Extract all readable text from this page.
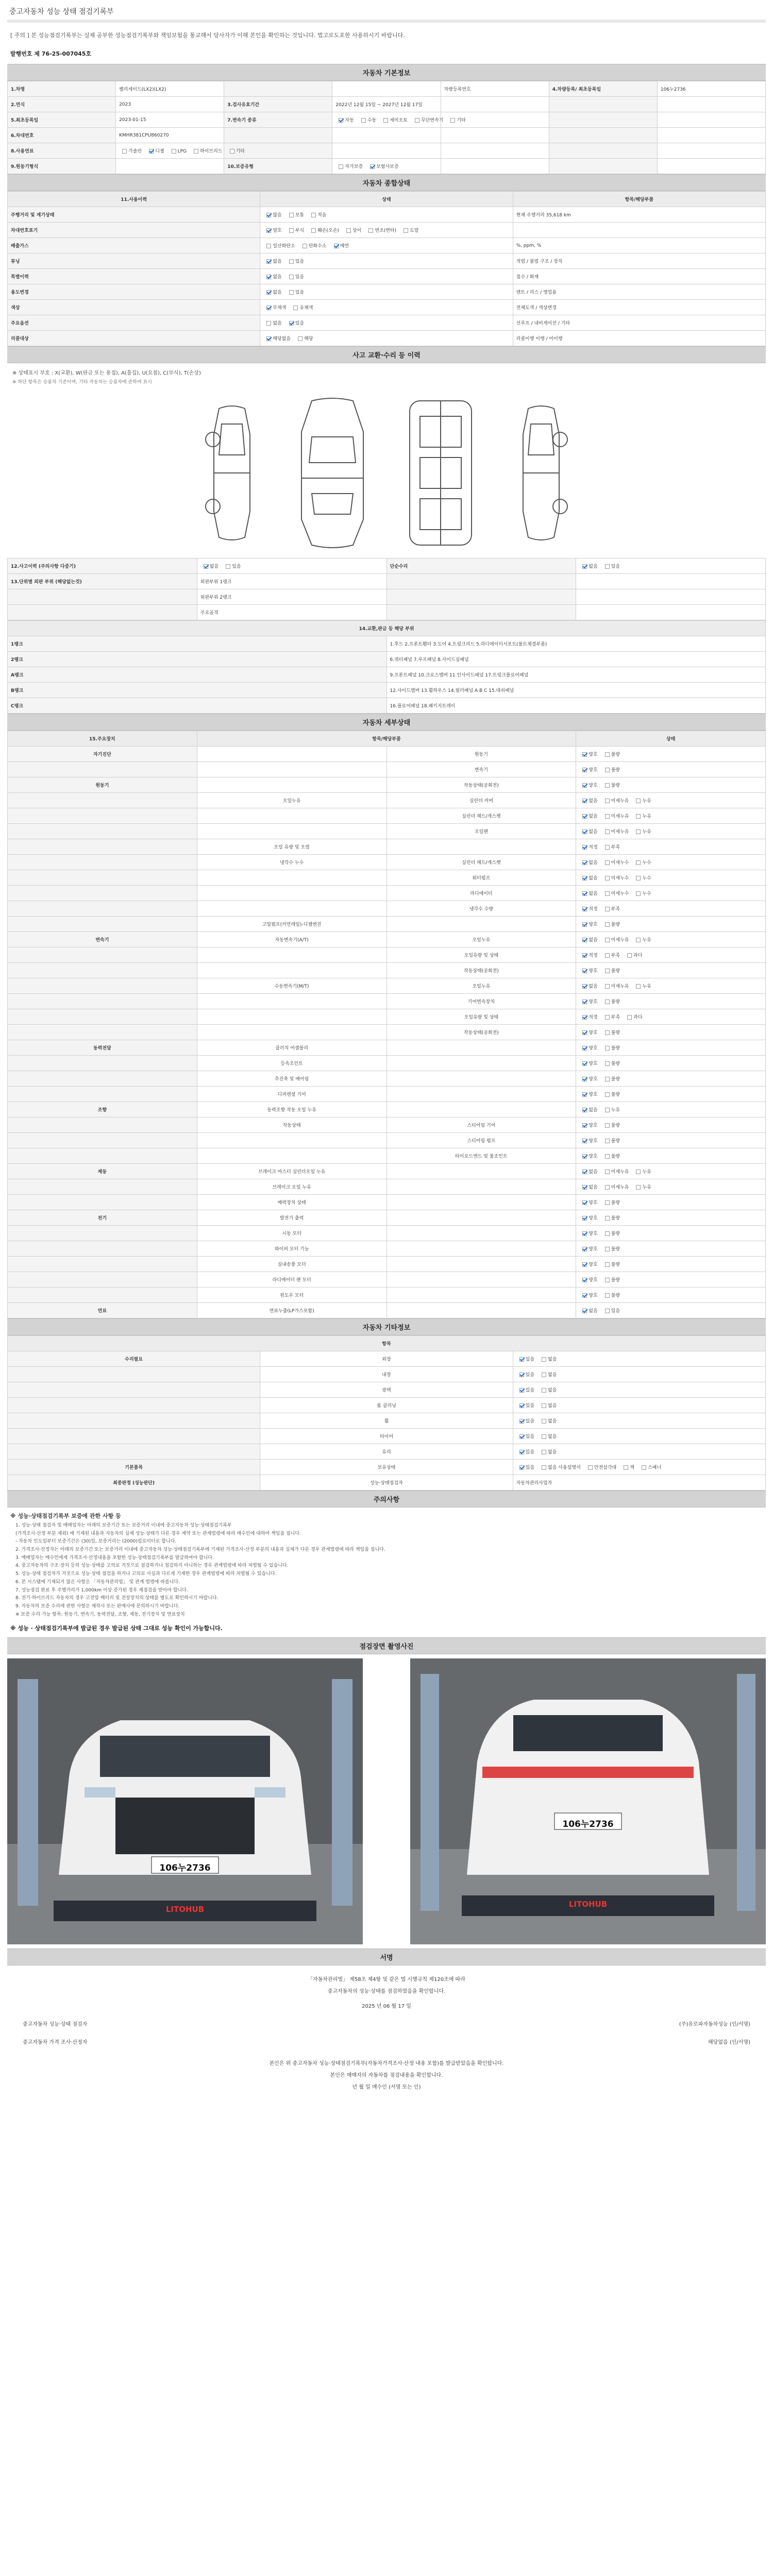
중고자동차 성능 상태 점검기록부
[ 주의 ] 본 성능점검기록부는 실제 공부한 성능점검기록부와 책임보험을 통교해서 당사자가 이해 본인을 확인하는 것입니다. 법고로도포한 사용하시기 바랍니다.
발행번호 제 76-25-007045호
자동차 기본정보
1.차명	팰리세이드(LX2)(LX2)			차량등록번호	4.차량등록/ 최초등록일	106누2736
2.연식	2023	3.검사유효기간	2022년 12월 15일 ~ 2027년 12월 17일			
5.최초등록일	2023-01-15	7.변속기 종류	자동 수동 세미오토 무단변속기 기타			
6.차대번호	KMHR381CPU860270					
8.사용연료	가솔린 디젤 LPG 하이브리드 기타					
9.원동기형식		10.보증유형	자가보증 보험사보증			
자동차 종합상태
11.사용이력	상태	항목/해당부품
주행거리 및 계기상태	많음 보통 적음	현재 주행거리 35,618 km
차대번호표기	양호 부식 훼손(오손) 상이 변조(변타) 도말	
배출가스	일산화탄소 탄화수소 매연	%, ppm, %
튜닝	없음 있음	적법 / 불법 구조 / 장치
특별이력	없음 있음	침수 / 화재
용도변경	없음 있음	렌트 / 리스 / 영업용
색상	무채색 유채색	전체도색 / 색상변경
주요옵션	없음 있음	선루프 / 내비게이션 / 기타
리콜대상	해당없음 해당	리콜이행 이행 / 미이행
사고 교환·수리 등 이력
※ 상태표시 부호 : X(교환), W(판금 또는 용접), A(흠집), U(요철), C(부식), T(손상)
※ 하단 항목은 승용차 기준이며, 기타 자동차는 승용차에 준하여 표시
12.사고이력 (주의사항 다중기)	없음 있음	단순수리	없음 있음
13.단위별 외판 부위 (해당없는것)	외판부위 1랭크		
	외판부위 2랭크		
	주요골격		
14.교환,판금 등 해당 부위	
1랭크	1.후드 2.프론트휀더 3.도어 4.트렁크리드 5.라디에이터서포트(볼트체결부품)
2랭크	6.쿼터패널 7.루프패널 8.사이드실패널
A랭크	9.프론트패널 10.크로스멤버 11.인사이드패널 17.트렁크플로어패널
B랭크	12.사이드멤버 13.휠하우스 14.필러패널 A B C 15.대쉬패널
C랭크	16.플로어패널 18.패키지트레이
자동차 세부상태
15.주요장치	항목/해당부품		상태
자기진단		원동기	양호 불량
		변속기	양호 불량
원동기		작동상태(공회전)	양호 불량
	오일누유	실린더 커버	없음 미세누유 누유
		실린더 헤드/개스켓	없음 미세누유 누유
		오일팬	없음 미세누유 누유
	오일 유량 및 오염		적정 부족
	냉각수 누수	실린더 헤드/개스켓	없음 미세누수 누수
		워터펌프	없음 미세누수 누수
		라디에이터	없음 미세누수 누수
		냉각수 수량	적정 부족
	고압펌프(커먼레일)-디젤엔진		양호 불량
변속기	자동변속기(A/T)	오일누유	없음 미세누유 누유
		오일유량 및 상태	적정 부족 과다
		작동상태(공회전)	양호 불량
	수동변속기(M/T)	오일누유	없음 미세누유 누유
		기어변속장치	양호 불량
		오일유량 및 상태	적정 부족 과다
		작동상태(공회전)	양호 불량
동력전달	클러치 어셈블리		양호 불량
	등속조인트		양호 불량
	추진축 및 베어링		양호 불량
	디퍼렌셜 기어		양호 불량
조향	동력조향 작동 오일 누유		없음 누유
	작동상태	스티어링 기어	양호 불량
		스티어링 펌프	양호 불량
		타이로드엔드 및 볼조인트	양호 불량
제동	브레이크 마스터 실린더오일 누유		없음 미세누유 누유
	브레이크 오일 누유		없음 미세누유 누유
	배력장치 상태		양호 불량
전기	발전기 출력		양호 불량
	시동 모터		양호 불량
	와이퍼 모터 기능		양호 불량
	실내송풍 모터		양호 불량
	라디에이터 팬 모터		양호 불량
	윈도우 모터		양호 불량
연료	연료누출(LP가스포함)		없음 있음
자동차 기타정보
항목		
수리필요	외장	있음 없음
	내장	있음 없음
	광택	있음 없음
	룸 클리닝	있음 없음
	휠	있음 없음
	타이어	있음 없음
	유리	있음 없음
기본품목	보유상태	있음 없음 사용설명서 안전삼각대 잭 스패너
최종판정 (성능판단)	성능·상태점검자	자동차관리사업자
주의사항
※ 성능·상태점검기록부 보증에 관한 사항 등
1. 성능·상태 점검자 및 매매업자는 아래의 보증기간 또는 보증거리 이내에 중고자동차 성능·상태점검기록부
(가격조사·산정 부분 제외) 에 기재된 내용과 자동차의 실제 성능·상태가 다른 경우 계약 또는 관계법령에 따라 매수인에 대하여 책임을 집니다.
- 자동차 인도일부터 보증기간은 (30)일, 보증거리는 (2000)킬로미터로 합니다.
2. 가격조사·산정자는 아래의 보증기간 또는 보증거리 이내에 중고자동차 성능·상태점검기록부에 기재된 가격조사·산정 부분의 내용과 실제가 다른 경우 관계법령에 따라 책임을 집니다.
3. 매매업자는 매수인에게 가격조사·산정내용을 포함한 성능·상태점검기록부를 발급하여야 합니다.
4. 중고자동차의 구조·장치 등의 성능·상태를 고의로 거짓으로 점검하거나 점검하지 아니하는 경우 관계법령에 따라 처벌될 수 있습니다.
5. 성능·상태 점검자가 거짓으로 성능·상태 점검을 하거나 고의로 사실과 다르게 기재한 경우 관계법령에 따라 처벌될 수 있습니다.
6. 본 시스템에 기재되지 않은 사항은 「자동차관리법」 및 관계 법령에 따릅니다.
7. 성능점검 완료 후 주행거리가 1,000km 이상 증가된 경우 재점검을 받아야 합니다.
8. 전기·하이브리드 자동차의 경우 고전압 배터리 및 전장장치의 상태를 별도로 확인하시기 바랍니다.
9. 자동차의 보증 수리에 관한 사항은 제작사 또는 판매사에 문의하시기 바랍니다.
※ 보증 수리 가능 항목: 원동기, 변속기, 동력전달, 조향, 제동, 전기장치 및 연료장치
※ 성능 · 상태점검기록부에 발급된 경우 발급된 상태 그대로 성능 확인이 가능합니다.
점검장면 촬영사진
106누2736
LITOHUB
106누2736
LITOHUB
서명
「자동차관리법」 제58조 제4항 및 같은 법 시행규칙 제120조에 따라
중고자동차의 성능·상태를 점검하였음을 확인합니다.
2025 년 06 월 17 일
중고자동차 성능·상태 점검자	(주)유로파자동차성능 (인/서명)
중고자동차 가격 조사·산정자	해당없음 (인/서명)
본인은 위 중고자동차 성능·상태점검기록부(자동차가격조사·산정 내용 포함)를 발급받았음을 확인합니다.
본인은 매매자의 자동차를 점검내용을 확인합니다.
년 월 일 매수인 (서명 또는 인)
